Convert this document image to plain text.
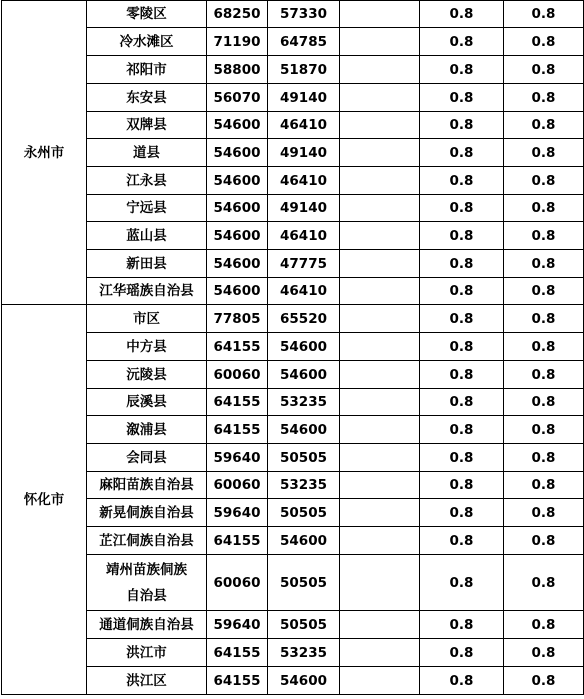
永州市	零陵区	68250	57330		0.8	0.8
	冷水滩区	71190	64785		0.8	0.8
	祁阳市	58800	51870		0.8	0.8
	东安县	56070	49140		0.8	0.8
	双牌县	54600	46410		0.8	0.8
	道县	54600	49140		0.8	0.8
	江永县	54600	46410		0.8	0.8
	宁远县	54600	49140		0.8	0.8
	蓝山县	54600	46410		0.8	0.8
	新田县	54600	47775		0.8	0.8
	江华瑶族自治县	54600	46410		0.8	0.8
怀化市	市区	77805	65520		0.8	0.8
	中方县	64155	54600		0.8	0.8
	沅陵县	60060	54600		0.8	0.8
	辰溪县	64155	53235		0.8	0.8
	溆浦县	64155	54600		0.8	0.8
	会同县	59640	50505		0.8	0.8
	麻阳苗族自治县	60060	53235		0.8	0.8
	新晃侗族自治县	59640	50505		0.8	0.8
	芷江侗族自治县	64155	54600		0.8	0.8
	靖州苗族侗族自治县	60060	50505		0.8	0.8
	通道侗族自治县	59640	50505		0.8	0.8
	洪江市	64155	53235		0.8	0.8
	洪江区	64155	54600		0.8	0.8
